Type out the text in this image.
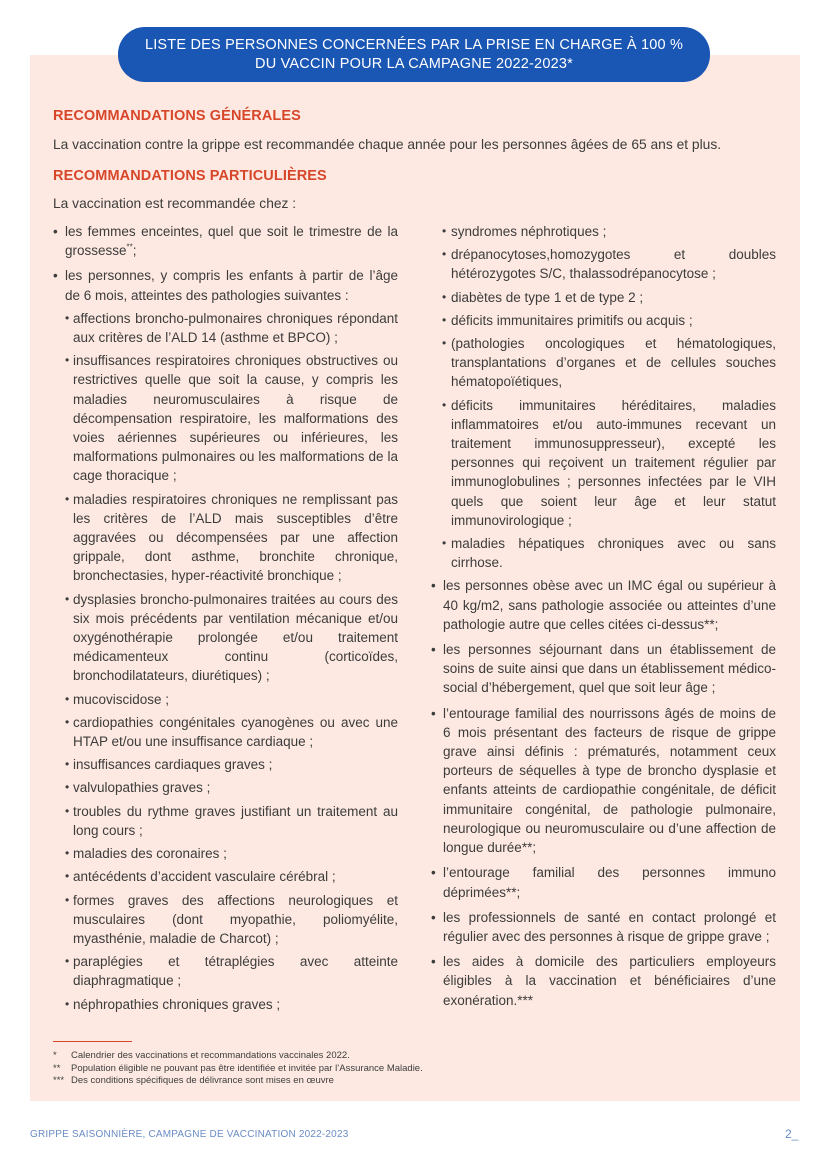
LISTE DES PERSONNES CONCERNÉES PAR LA PRISE EN CHARGE À 100 %
DU VACCIN POUR LA CAMPAGNE 2022-2023*
RECOMMANDATIONS GÉNÉRALES

La vaccination contre la grippe est recommandée chaque année pour les personnes âgées de 65 ans et plus.

RECOMMANDATIONS PARTICULIÈRES

La vaccination est recommandée chez :

• les femmes enceintes, quel que soit le trimestre de la grossesse**;
• les personnes, y compris les enfants à partir de l’âge de 6 mois, atteintes des pathologies suivantes :
• affections broncho-pulmonaires chroniques répondant aux critères de l’ALD 14 (asthme et BPCO) ;
• insuffisances respiratoires chroniques obstructives ou restrictives quelle que soit la cause, y compris les maladies neuromusculaires à risque de décompensation respiratoire, les malformations des voies aériennes supérieures ou inférieures, les malformations pulmonaires ou les malformations de la cage thoracique ;
• maladies respiratoires chroniques ne remplissant pas les critères de l’ALD mais susceptibles d’être aggravées ou décompensées par une affection grippale, dont asthme, bronchite chronique, bronchectasies, hyper-réactivité bronchique ;
• dysplasies broncho-pulmonaires traitées au cours des six mois précédents par ventilation mécanique et/ou oxygénothérapie prolongée et/ou traitement médicamenteux continu (corticoïdes, bronchodilatateurs, diurétiques) ;
• mucoviscidose ;
• cardiopathies congénitales cyanogènes ou avec une HTAP et/ou une insuffisance cardiaque ;
• insuffisances cardiaques graves ;
• valvulopathies graves ;
• troubles du rythme graves justifiant un traitement au long cours ;
• maladies des coronaires ;
• antécédents d’accident vasculaire cérébral ;
• formes graves des affections neurologiques et musculaires (dont myopathie, poliomyélite, myasthénie, maladie de Charcot) ;
• paraplégies et tétraplégies avec atteinte diaphragmatique ;
• néphropathies chroniques graves ;
• syndromes néphrotiques ;
• drépanocytoses,homozygotes et doubles hétérozygotes S/C, thalassodrépanocytose ;
• diabètes de type 1 et de type 2 ;
• déficits immunitaires primitifs ou acquis ;
• (pathologies oncologiques et hématologiques, transplantations d’organes et de cellules souches hématopoïétiques,
• déficits immunitaires héréditaires, maladies inflammatoires et/ou auto-immunes recevant un traitement immunosuppresseur), excepté les personnes qui reçoivent un traitement régulier par immunoglobulines ; personnes infectées par le VIH quels que soient leur âge et leur statut immunovirologique ;
• maladies hépatiques chroniques avec ou sans cirrhose.
• les personnes obèse avec un IMC égal ou supérieur à 40 kg/m2, sans pathologie associée ou atteintes d’une pathologie autre que celles citées ci-dessus**;
• les personnes séjournant dans un établissement de soins de suite ainsi que dans un établissement médico-social d’hébergement, quel que soit leur âge ;
• l’entourage familial des nourrissons âgés de moins de 6 mois présentant des facteurs de risque de grippe grave ainsi définis : prématurés, notamment ceux porteurs de séquelles à type de broncho dysplasie et enfants atteints de cardiopathie congénitale, de déficit immunitaire congénital, de pathologie pulmonaire, neurologique ou neuromusculaire ou d’une affection de longue durée**;
• l’entourage familial des personnes immuno déprimées**;
• les professionnels de santé en contact prolongé et régulier avec des personnes à risque de grippe grave ;
• les aides à domicile des particuliers employeurs éligibles à la vaccination et bénéficiaires d’une exonération.***
* Calendrier des vaccinations et recommandations vaccinales 2022.
** Population éligible ne pouvant pas être identifiée et invitée par l’Assurance Maladie.
*** Des conditions spécifiques de délivrance sont mises en œuvre
GRIPPE SAISONNIÈRE, CAMPAGNE DE VACCINATION 2022-2023	2_
